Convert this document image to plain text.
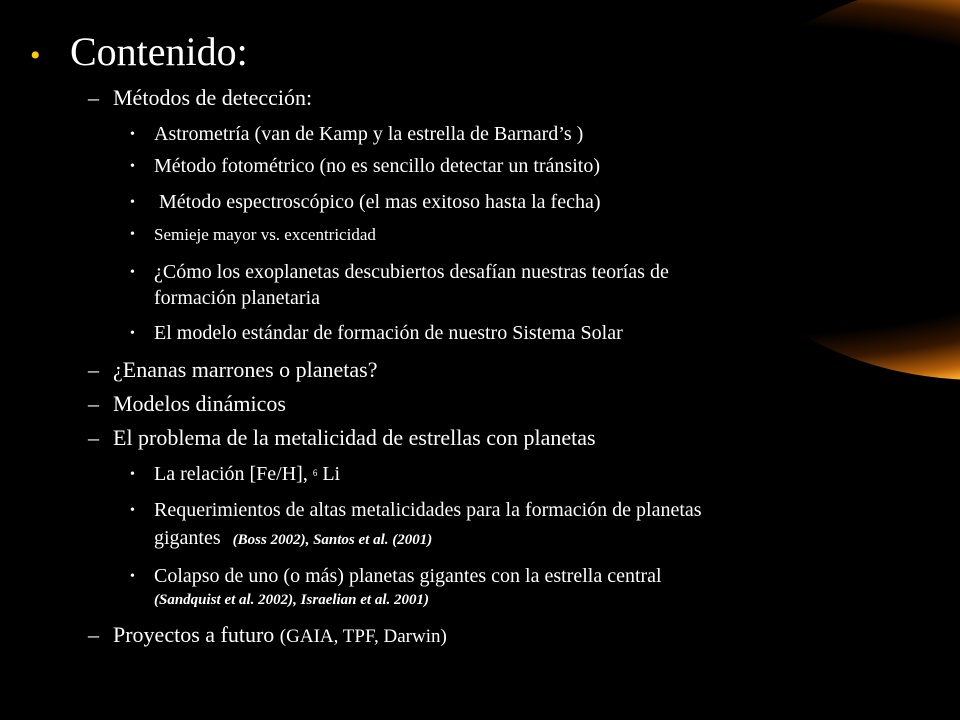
• Contenido:
– Métodos de detección:
• Astrometría (van de Kamp y la estrella de Barnard’s )
• Método fotométrico (no es sencillo detectar un tránsito)
• Método espectroscópico (el mas exitoso hasta la fecha)
• Semieje mayor vs. excentricidad
• ¿Cómo los exoplanetas descubiertos desafían nuestras teorías de
formación planetaria
• El modelo estándar de formación de nuestro Sistema Solar
– ¿Enanas marrones o planetas?
– Modelos dinámicos
– El problema de la metalicidad de estrellas con planetas
• La relación [Fe/H], $^6$ Li
• Requerimientos de altas metalicidades para la formación de planetas
gigantes (Boss 2002), Santos et al. (2001)
• Colapso de uno (o más) planetas gigantes con la estrella central
(Sandquist et al. 2002), Israelian et al. 2001)
– Proyectos a futuro (GAIA, TPF, Darwin)
